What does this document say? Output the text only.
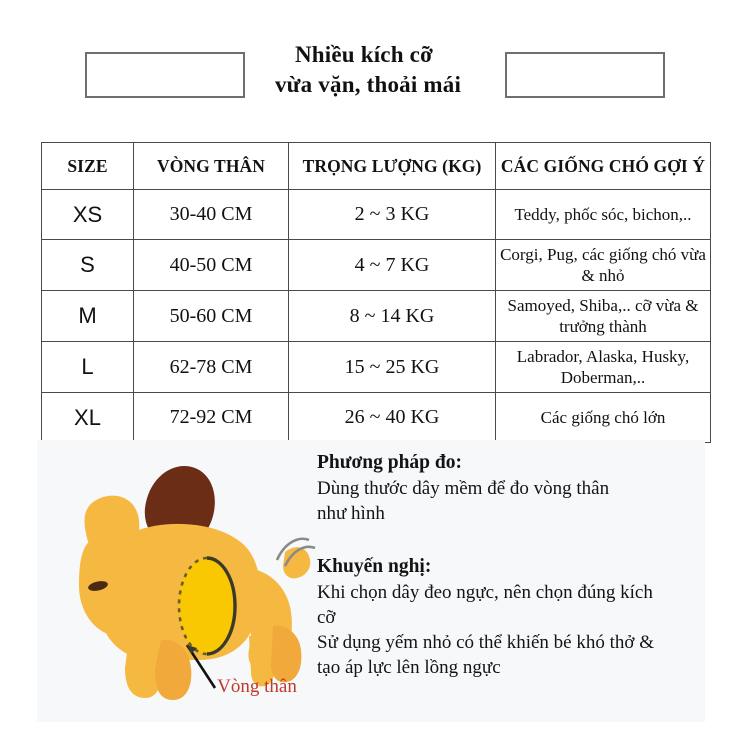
Nhiều kích cỡ
vừa vặn, thoải mái
SIZE	VÒNG THÂN	TRỌNG LƯỢNG (KG)	CÁC GIỐNG CHÓ GỢI Ý
XS	30-40 CM	2 ~ 3 KG	Teddy, phốc sóc, bichon,..
S	40-50 CM	4 ~ 7 KG	Corgi, Pug, các giống chó vừa & nhỏ
M	50-60 CM	8 ~ 14 KG	Samoyed, Shiba,.. cỡ vừa & trưởng thành
L	62-78 CM	15 ~ 25 KG	Labrador, Alaska, Husky, Doberman,..
XL	72-92 CM	26 ~ 40 KG	Các giống chó lớn
Vòng thân

Phương pháp đo:

Dùng thước dây mềm để đo vòng thân
như hình

Khuyến nghị:

Khi chọn dây đeo ngực, nên chọn đúng kích
cỡ
Sử dụng yếm nhỏ có thể khiến bé khó thở &
tạo áp lực lên lồng ngực
